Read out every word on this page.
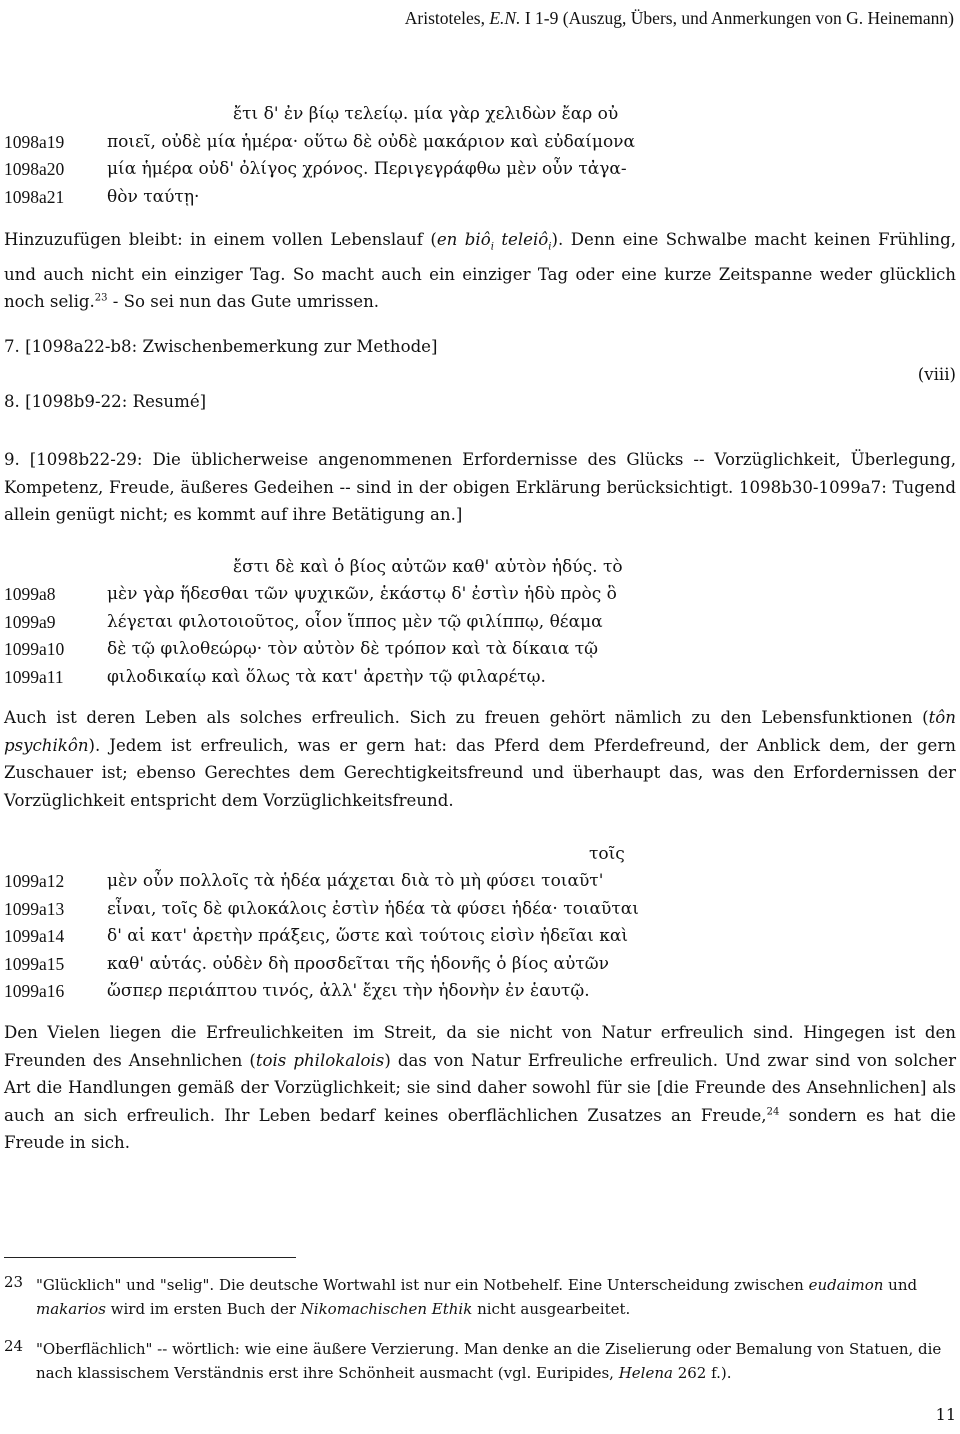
Aristoteles, E.N. I 1-9 (Auszug, Übers, und Anmerkungen von G. Heinemann)
ἔτι δ' ἐν βίῳ τελείῳ. μία γὰρ χελιδὼν ἔαρ οὐ
1098a19	ποιεῖ, οὐδὲ μία ἡμέρα· οὕτω δὲ οὐδὲ μακάριον καὶ εὐδαίμονα
1098a20	μία ἡμέρα οὐδ' ὀλίγος χρόνος. Περιγεγράφθω μὲν οὖν τἀγα-
1098a21	θὸν ταύτῃ·
Hinzuzufügen bleibt: in einem vollen Lebenslauf (en biô$_i$ teleiô$_i$). Denn eine Schwalbe macht keinen Frühling, und auch nicht ein einziger Tag. So macht auch ein einziger Tag oder eine kurze Zeitspanne weder glücklich noch selig.$^{23}$ - So sei nun das Gute umrissen.
7. [1098a22-b8: Zwischenbemerkung zur Methode]
(viii)
8. [1098b9-22: Resumé]
9. [1098b22-29: Die üblicherweise angenommenen Erfordernisse des Glücks -- Vorzüglichkeit, Überlegung, Kompetenz, Freude, äußeres Gedeihen -- sind in der obigen Erklärung berücksichtigt. 1098b30-1099a7: Tugend allein genügt nicht; es kommt auf ihre Betätigung an.]
ἔστι δὲ καὶ ὁ βίος αὐτῶν καθ' αὑτὸν ἡδύς. τὸ
1099a8	μὲν γὰρ ἥδεσθαι τῶν ψυχικῶν, ἑκάστῳ δ' ἐστὶν ἡδὺ πρὸς ὃ
1099a9	λέγεται φιλοτοιοῦτος, οἷον ἵππος μὲν τῷ φιλίππῳ, θέαμα
1099a10	δὲ τῷ φιλοθεώρῳ· τὸν αὐτὸν δὲ τρόπον καὶ τὰ δίκαια τῷ
1099a11	φιλοδικαίῳ καὶ ὅλως τὰ κατ' ἀρετὴν τῷ φιλαρέτῳ.
Auch ist deren Leben als solches erfreulich. Sich zu freuen gehört nämlich zu den Lebensfunktionen (tôn psychikôn). Jedem ist erfreulich, was er gern hat: das Pferd dem Pferdefreund, der Anblick dem, der gern Zuschauer ist; ebenso Gerechtes dem Gerechtigkeitsfreund und überhaupt das, was den Erfordernissen der Vorzüglichkeit entspricht dem Vorzüglichkeitsfreund.
τοῖς
1099a12	μὲν οὖν πολλοῖς τὰ ἡδέα μάχεται διὰ τὸ μὴ φύσει τοιαῦτ'
1099a13	εἶναι, τοῖς δὲ φιλοκάλοις ἐστὶν ἡδέα τὰ φύσει ἡδέα· τοιαῦται
1099a14	δ' αἱ κατ' ἀρετὴν πράξεις, ὥστε καὶ τούτοις εἰσὶν ἡδεῖαι καὶ
1099a15	καθ' αὑτάς. οὐδὲν δὴ προσδεῖται τῆς ἡδονῆς ὁ βίος αὐτῶν
1099a16	ὥσπερ περιάπτου τινός, ἀλλ' ἔχει τὴν ἡδονὴν ἐν ἑαυτῷ.
Den Vielen liegen die Erfreulichkeiten im Streit, da sie nicht von Natur erfreulich sind. Hingegen ist den Freunden des Ansehnlichen (tois philokalois) das von Natur Erfreuliche erfreulich. Und zwar sind von solcher Art die Handlungen gemäß der Vorzüglichkeit; sie sind daher sowohl für sie [die Freunde des Ansehnlichen] als auch an sich erfreulich. Ihr Leben bedarf keines oberflächlichen Zusatzes an Freude,$^{24}$ sondern es hat die Freude in sich.
23 "Glücklich" und "selig". Die deutsche Wortwahl ist nur ein Notbehelf. Eine Unterscheidung zwischen eudaimon und makarios wird im ersten Buch der Nikomachischen Ethik nicht ausgearbeitet.
24 "Oberflächlich" -- wörtlich: wie eine äußere Verzierung. Man denke an die Ziselierung oder Bemalung von Statuen, die nach klassischem Verständnis erst ihre Schönheit ausmacht (vgl. Euripides, Helena 262 f.).
11
